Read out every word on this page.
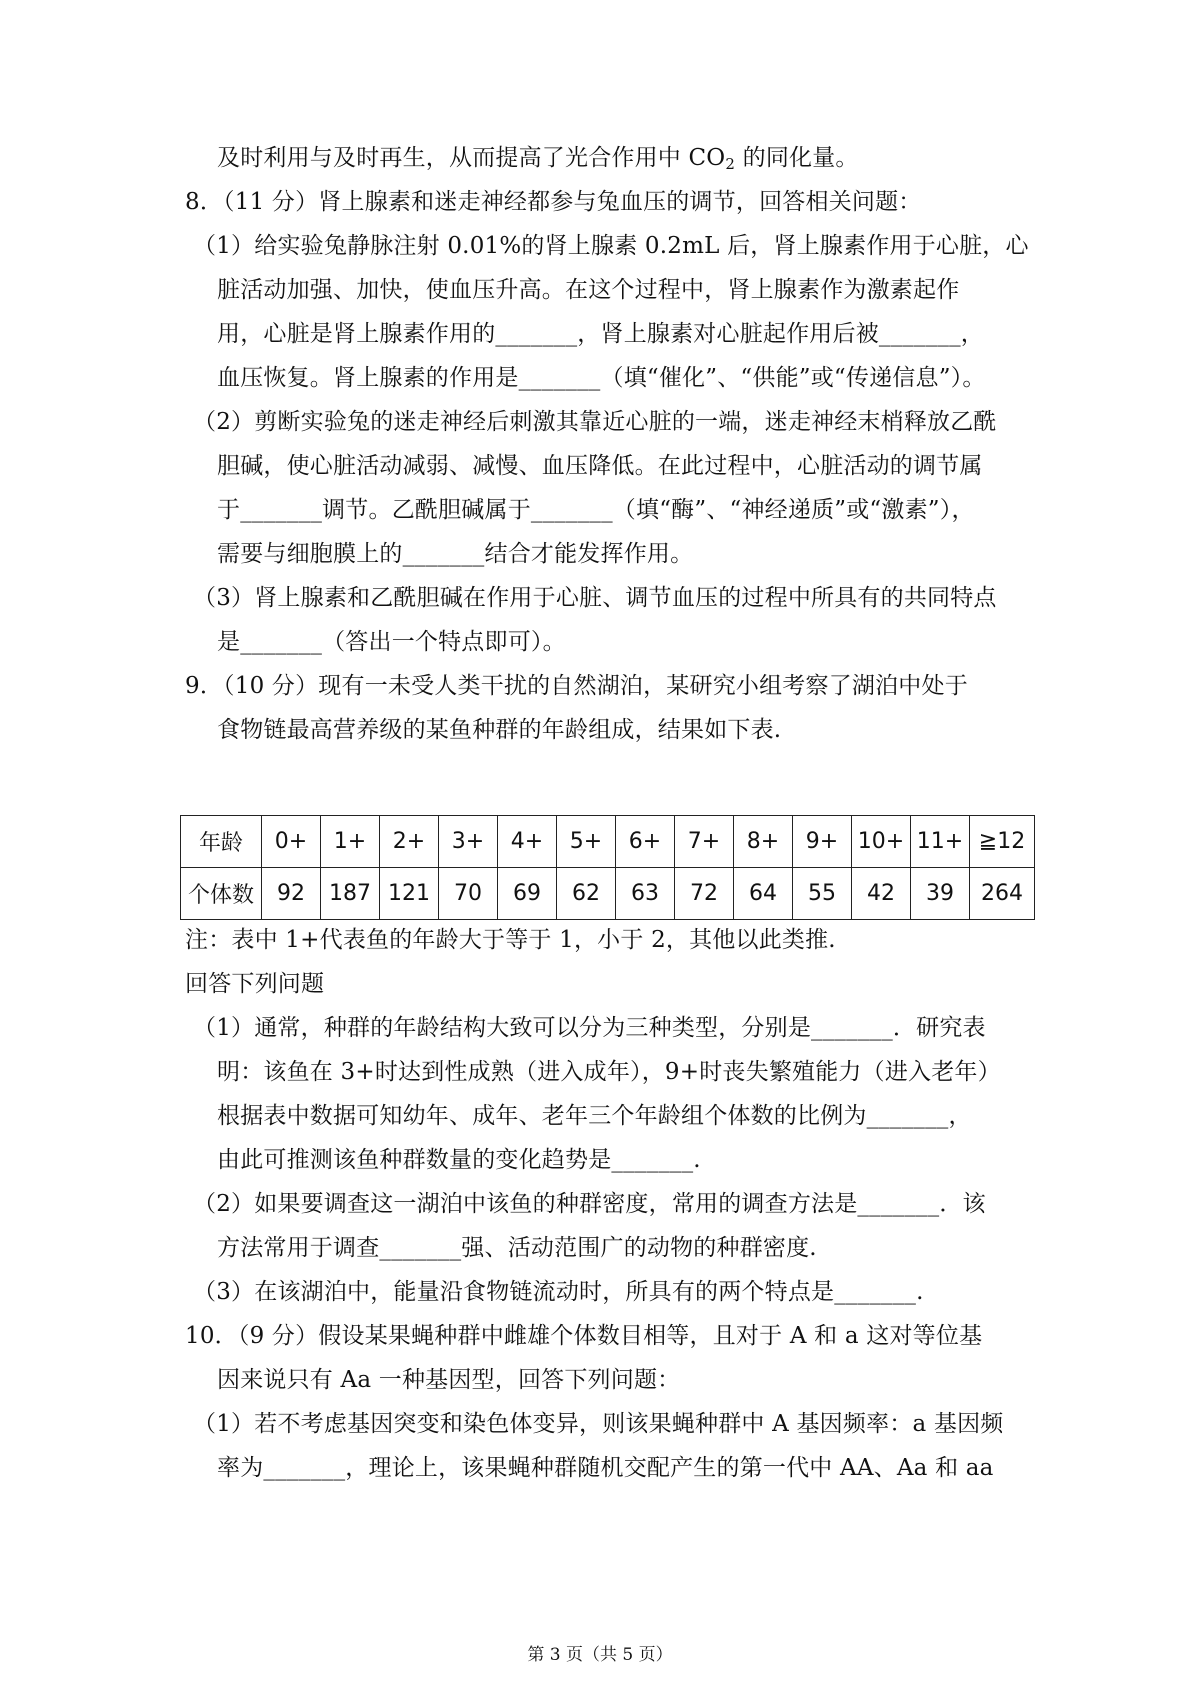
及时利用与及时再生，从而提高了光合作用中 $CO_2$ 的同化量。
8．（11 分）肾上腺素和迷走神经都参与兔血压的调节，回答相关问题：
（1）给实验兔静脉注射 0.01%的肾上腺素 0.2mL 后，肾上腺素作用于心脏，心
脏活动加强、加快，使血压升高。在这个过程中，肾上腺素作为激素起作
用，心脏是肾上腺素作用的_______，肾上腺素对心脏起作用后被_______，
血压恢复。肾上腺素的作用是_______（填“催化”、“供能”或“传递信息”）。
（2）剪断实验兔的迷走神经后刺激其靠近心脏的一端，迷走神经末梢释放乙酰
胆碱，使心脏活动减弱、减慢、血压降低。在此过程中，心脏活动的调节属
于_______调节。乙酰胆碱属于_______（填“酶”、“神经递质”或“激素”），
需要与细胞膜上的_______结合才能发挥作用。
（3）肾上腺素和乙酰胆碱在作用于心脏、调节血压的过程中所具有的共同特点
是_______（答出一个特点即可）。
9．（10 分）现有一未受人类干扰的自然湖泊，某研究小组考察了湖泊中处于
食物链最高营养级的某鱼种群的年龄组成，结果如下表.
年龄	0+	1+	2+	3+	4+	5+	6+	7+	8+	9+	10+	11+	≧12
个体数	92	187	121	70	69	62	63	72	64	55	42	39	264
注：表中 1+代表鱼的年龄大于等于 1，小于 2，其他以此类推.
回答下列问题
（1）通常，种群的年龄结构大致可以分为三种类型，分别是_______．研究表
明：该鱼在 3+时达到性成熟（进入成年），9+时丧失繁殖能力（进入老年）
根据表中数据可知幼年、成年、老年三个年龄组个体数的比例为_______，
由此可推测该鱼种群数量的变化趋势是_______.
（2）如果要调查这一湖泊中该鱼的种群密度，常用的调查方法是_______．该
方法常用于调查_______强、活动范围广的动物的种群密度.
（3）在该湖泊中，能量沿食物链流动时，所具有的两个特点是_______.
10．（9 分）假设某果蝇种群中雌雄个体数目相等，且对于 A 和 a 这对等位基
因来说只有 Aa 一种基因型，回答下列问题：
（1）若不考虑基因突变和染色体变异，则该果蝇种群中 A 基因频率：a 基因频
率为_______，理论上，该果蝇种群随机交配产生的第一代中 AA、Aa 和 aa
第 3 页（共 5 页）
